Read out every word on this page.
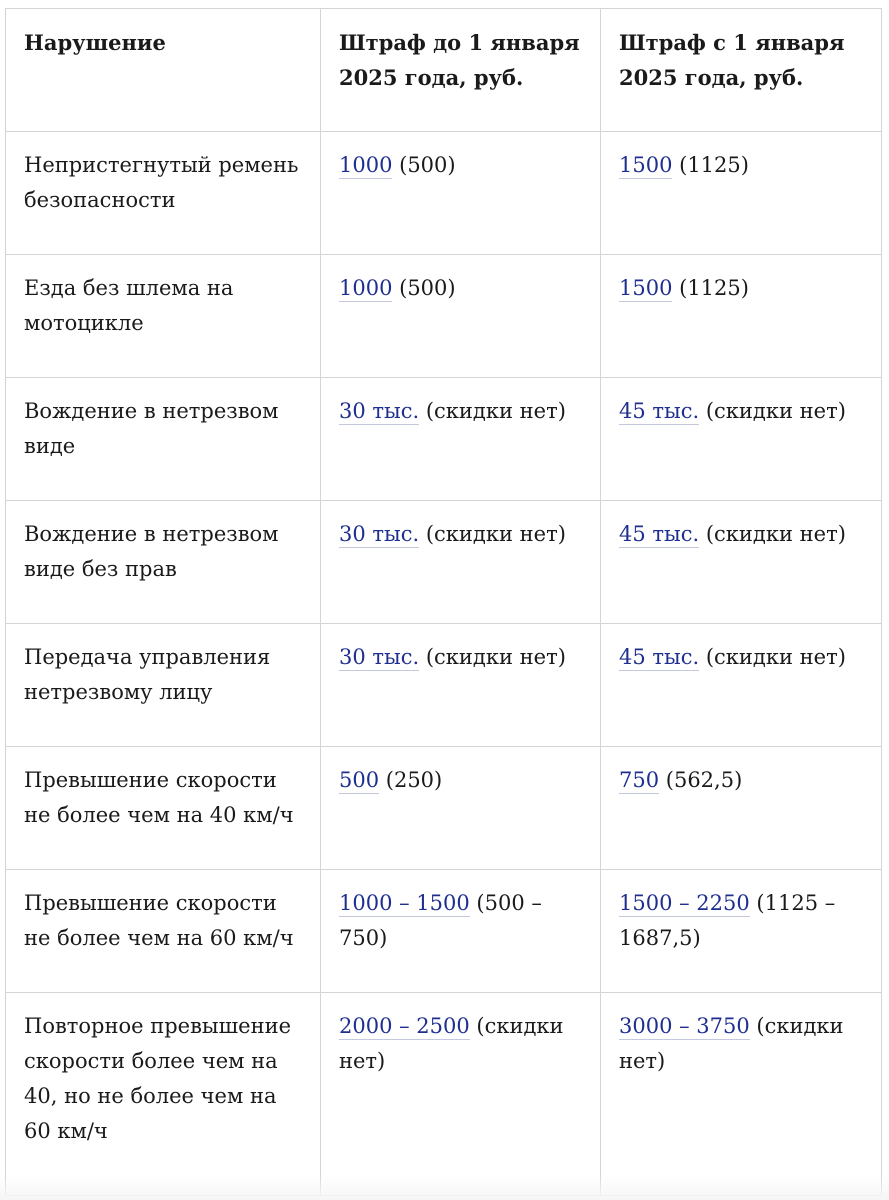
Нарушение	Штраф до 1 января 2025 года, руб.	Штраф с 1 января 2025 года, руб.
Непристегнутый ремень безопасности	1000 (500)	1500 (1125)
Езда без шлема на мотоцикле	1000 (500)	1500 (1125)
Вождение в нетрезвом виде	30 тыс. (скидки нет)	45 тыс. (скидки нет)
Вождение в нетрезвом виде без прав	30 тыс. (скидки нет)	45 тыс. (скидки нет)
Передача управления нетрезвому лицу	30 тыс. (скидки нет)	45 тыс. (скидки нет)
Превышение скорости не более чем на 40 км/ч	500 (250)	750 (562,5)
Превышение скорости не более чем на 60 км/ч	1000 – 1500 (500 – 750)	1500 – 2250 (1125 –1687,5)
Повторное превышение скорости более чем на 40, но не более чем на 60 км/ч	2000 – 2500 (скидки нет)	3000 – 3750 (скидки нет)
